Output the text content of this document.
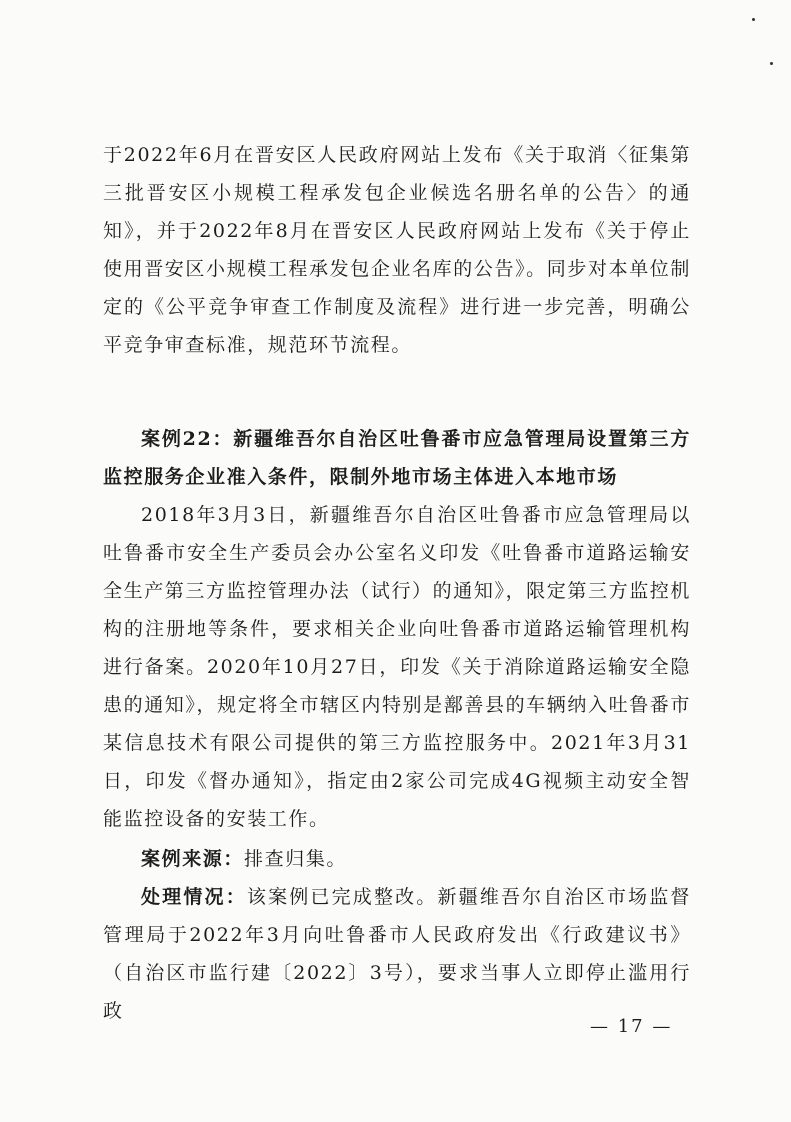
于2022年6月在晋安区人民政府网站上发布《关于取消〈征集第三批晋安区小规模工程承发包企业候选名册名单的公告〉的通知》，并于2022年8月在晋安区人民政府网站上发布《关于停止使用晋安区小规模工程承发包企业名库的公告》。同步对本单位制定的《公平竞争审查工作制度及流程》进行进一步完善，明确公平竞争审查标准，规范环节流程。

案例22：新疆维吾尔自治区吐鲁番市应急管理局设置第三方监控服务企业准入条件，限制外地市场主体进入本地市场

2018年3月3日，新疆维吾尔自治区吐鲁番市应急管理局以吐鲁番市安全生产委员会办公室名义印发《吐鲁番市道路运输安全生产第三方监控管理办法（试行）的通知》，限定第三方监控机构的注册地等条件，要求相关企业向吐鲁番市道路运输管理机构进行备案。2020年10月27日，印发《关于消除道路运输安全隐患的通知》，规定将全市辖区内特别是鄯善县的车辆纳入吐鲁番市某信息技术有限公司提供的第三方监控服务中。2021年3月31日，印发《督办通知》，指定由2家公司完成4G视频主动安全智能监控设备的安装工作。

案例来源：排查归集。

处理情况：该案例已完成整改。新疆维吾尔自治区市场监督管理局于2022年3月向吐鲁番市人民政府发出《行政建议书》（自治区市监行建〔2022〕3号），要求当事人立即停止滥用行政

— 17 —
